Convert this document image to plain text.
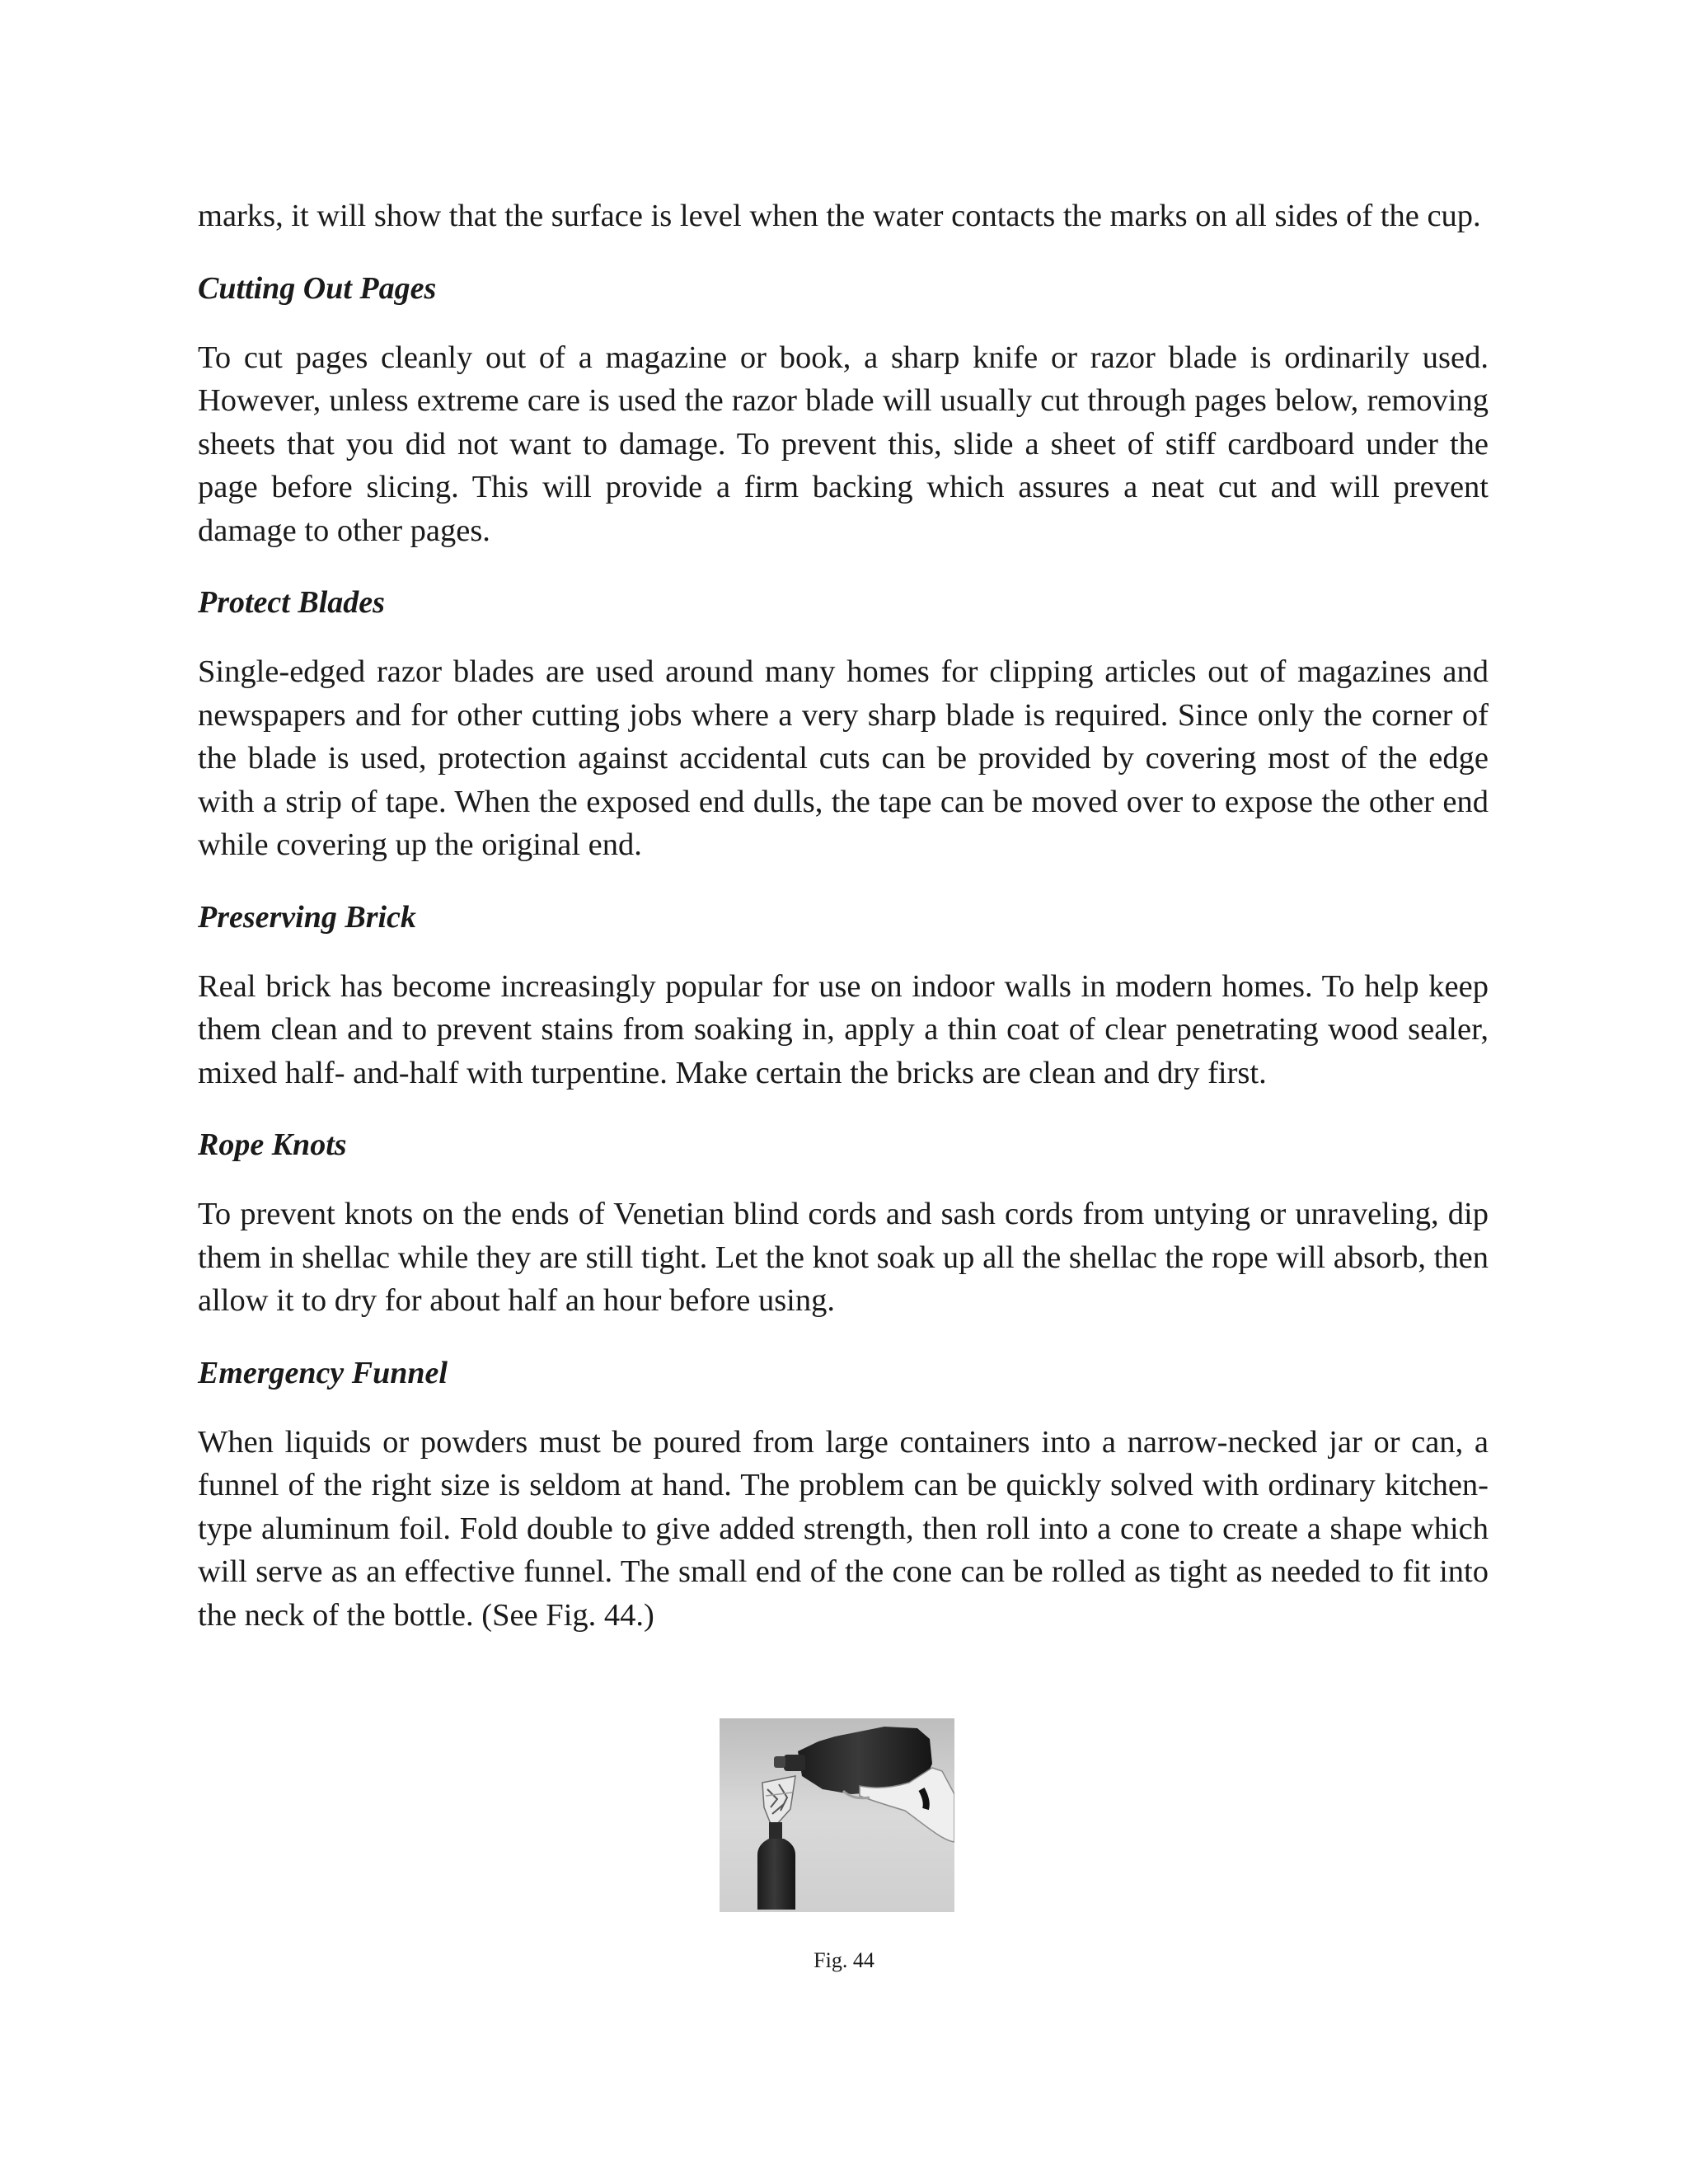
marks, it will show that the surface is level when the water contacts the marks on all sides of the cup.

Cutting Out Pages

To cut pages cleanly out of a magazine or book, a sharp knife or razor blade is ordinarily used. However, unless extreme care is used the razor blade will usually cut through pages below, removing sheets that you did not want to damage. To prevent this, slide a sheet of stiff cardboard under the page before slicing. This will provide a firm backing which assures a neat cut and will prevent damage to other pages.

Protect Blades

Single-edged razor blades are used around many homes for clipping articles out of magazines and newspapers and for other cutting jobs where a very sharp blade is required. Since only the corner of the blade is used, protection against accidental cuts can be provided by covering most of the edge with a strip of tape. When the exposed end dulls, the tape can be moved over to expose the other end while covering up the original end.

Preserving Brick

Real brick has become increasingly popular for use on indoor walls in modern homes. To help keep them clean and to prevent stains from soaking in, apply a thin coat of clear penetrating wood sealer, mixed half- and-half with turpentine. Make certain the bricks are clean and dry first.

Rope Knots

To prevent knots on the ends of Venetian blind cords and sash cords from untying or unraveling, dip them in shellac while they are still tight. Let the knot soak up all the shellac the rope will absorb, then allow it to dry for about half an hour before using.

Emergency Funnel

When liquids or powders must be poured from large containers into a narrow-necked jar or can, a funnel of the right size is seldom at hand. The problem can be quickly solved with ordinary kitchen-type aluminum foil. Fold double to give added strength, then roll into a cone to create a shape which will serve as an effective funnel. The small end of the cone can be rolled as tight as needed to fit into the neck of the bottle. (See Fig. 44.)

Fig. 44
